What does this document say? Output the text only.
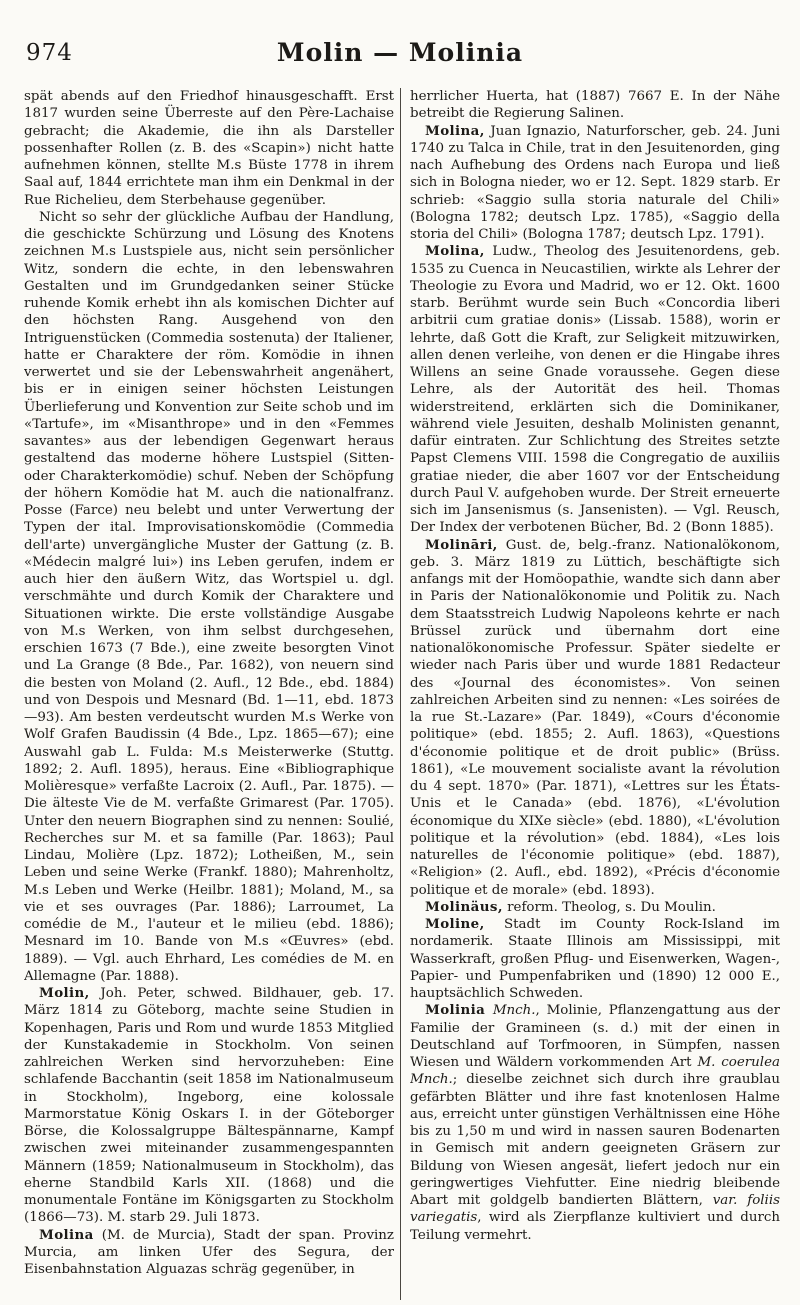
974	Molin — Molinia

spät abends auf den Friedhof hinausgeschafft. Erst 1817 wurden seine Überreste auf den Père-Lachaise gebracht; die Akademie, die ihn als Darsteller possenhafter Rollen (z. B. des «Scapin») nicht hatte aufnehmen können, stellte M.s Büste 1778 in ihrem Saal auf, 1844 errichtete man ihm ein Denkmal in der Rue Richelieu, dem Sterbehause gegenüber.

Nicht so sehr der glückliche Aufbau der Handlung, die geschickte Schürzung und Lösung des Knotens zeichnen M.s Lustspiele aus, nicht sein persönlicher Witz, sondern die echte, in den lebenswahren Gestalten und im Grundgedanken seiner Stücke ruhende Komik erhebt ihn als komischen Dichter auf den höchsten Rang. Ausgehend von den Intriguenstücken (Commedia sostenuta) der Italiener, hatte er Charaktere der röm. Komödie in ihnen verwertet und sie der Lebenswahrheit angenähert, bis er in einigen seiner höchsten Leistungen Überlieferung und Konvention zur Seite schob und im «Tartufe», im «Misanthrope» und in den «Femmes savantes» aus der lebendigen Gegenwart heraus gestaltend das moderne höhere Lustspiel (Sitten- oder Charakterkomödie) schuf. Neben der Schöpfung der höhern Komödie hat M. auch die nationalfranz. Posse (Farce) neu belebt und unter Verwertung der Typen der ital. Improvisationskomödie (Commedia dell'arte) unvergängliche Muster der Gattung (z. B. «Médecin malgré lui») ins Leben gerufen, indem er auch hier den äußern Witz, das Wortspiel u. dgl. verschmähte und durch Komik der Charaktere und Situationen wirkte. Die erste vollständige Ausgabe von M.s Werken, von ihm selbst durchgesehen, erschien 1673 (7 Bde.), eine zweite besorgten Vinot und La Grange (8 Bde., Par. 1682), von neuern sind die besten von Moland (2. Aufl., 12 Bde., ebd. 1884) und von Despois und Mesnard (Bd. 1—11, ebd. 1873—93). Am besten verdeutscht wurden M.s Werke von Wolf Grafen Baudissin (4 Bde., Lpz. 1865—67); eine Auswahl gab L. Fulda: M.s Meisterwerke (Stuttg. 1892; 2. Aufl. 1895), heraus. Eine «Bibliographique Molièresque» verfaßte Lacroix (2. Aufl., Par. 1875). — Die älteste Vie de M. verfaßte Grimarest (Par. 1705). Unter den neuern Biographen sind zu nennen: Soulié, Recherches sur M. et sa famille (Par. 1863); Paul Lindau, Molière (Lpz. 1872); Lotheißen, M., sein Leben und seine Werke (Frankf. 1880); Mahrenholtz, M.s Leben und Werke (Heilbr. 1881); Moland, M., sa vie et ses ouvrages (Par. 1886); Larroumet, La comédie de M., l'auteur et le milieu (ebd. 1886); Mesnard im 10. Bande von M.s «Œuvres» (ebd. 1889). — Vgl. auch Ehrhard, Les comédies de M. en Allemagne (Par. 1888).

Molin, Joh. Peter, schwed. Bildhauer, geb. 17. März 1814 zu Göteborg, machte seine Studien in Kopenhagen, Paris und Rom und wurde 1853 Mitglied der Kunstakademie in Stockholm. Von seinen zahlreichen Werken sind hervorzuheben: Eine schlafende Bacchantin (seit 1858 im Nationalmuseum in Stockholm), Ingeborg, eine kolossale Marmorstatue König Oskars I. in der Göteborger Börse, die Kolossalgruppe Bältespännarne, Kampf zwischen zwei miteinander zusammengespannten Männern (1859; Nationalmuseum in Stockholm), das eherne Standbild Karls XII. (1868) und die monumentale Fontäne im Königsgarten zu Stockholm (1866—73). M. starb 29. Juli 1873.

Molina (M. de Murcia), Stadt der span. Provinz Murcia, am linken Ufer des Segura, der Eisenbahnstation Alguazas schräg gegenüber, in

herrlicher Huerta, hat (1887) 7667 E. In der Nähe betreibt die Regierung Salinen.

Molina, Juan Ignazio, Naturforscher, geb. 24. Juni 1740 zu Talca in Chile, trat in den Jesuitenorden, ging nach Aufhebung des Ordens nach Europa und ließ sich in Bologna nieder, wo er 12. Sept. 1829 starb. Er schrieb: «Saggio sulla storia naturale del Chili» (Bologna 1782; deutsch Lpz. 1785), «Saggio della storia del Chili» (Bologna 1787; deutsch Lpz. 1791).

Molina, Ludw., Theolog des Jesuitenordens, geb. 1535 zu Cuenca in Neucastilien, wirkte als Lehrer der Theologie zu Evora und Madrid, wo er 12. Okt. 1600 starb. Berühmt wurde sein Buch «Concordia liberi arbitrii cum gratiae donis» (Lissab. 1588), worin er lehrte, daß Gott die Kraft, zur Seligkeit mitzuwirken, allen denen verleihe, von denen er die Hingabe ihres Willens an seine Gnade voraussehe. Gegen diese Lehre, als der Autorität des heil. Thomas widerstreitend, erklärten sich die Dominikaner, während viele Jesuiten, deshalb Molinisten genannt, dafür eintraten. Zur Schlichtung des Streites setzte Papst Clemens VIII. 1598 die Congregatio de auxiliis gratiae nieder, die aber 1607 vor der Entscheidung durch Paul V. aufgehoben wurde. Der Streit erneuerte sich im Jansenismus (s. Jansenisten). — Vgl. Reusch, Der Index der verbotenen Bücher, Bd. 2 (Bonn 1885).

Molināri, Gust. de, belg.-franz. Nationalökonom, geb. 3. März 1819 zu Lüttich, beschäftigte sich anfangs mit der Homöopathie, wandte sich dann aber in Paris der Nationalökonomie und Politik zu. Nach dem Staatsstreich Ludwig Napoleons kehrte er nach Brüssel zurück und übernahm dort eine nationalökonomische Professur. Später siedelte er wieder nach Paris über und wurde 1881 Redacteur des «Journal des économistes». Von seinen zahlreichen Arbeiten sind zu nennen: «Les soirées de la rue St.-Lazare» (Par. 1849), «Cours d'économie politique» (ebd. 1855; 2. Aufl. 1863), «Questions d'économie politique et de droit public» (Brüss. 1861), «Le mouvement socialiste avant la révolution du 4 sept. 1870» (Par. 1871), «Lettres sur les États-Unis et le Canada» (ebd. 1876), «L'évolution économique du XIXe siècle» (ebd. 1880), «L'évolution politique et la révolution» (ebd. 1884), «Les lois naturelles de l'économie politique» (ebd. 1887), «Religion» (2. Aufl., ebd. 1892), «Précis d'économie politique et de morale» (ebd. 1893).

Molinäus, reform. Theolog, s. Du Moulin.

Moline, Stadt im County Rock-Island im nordamerik. Staate Illinois am Mississippi, mit Wasserkraft, großen Pflug- und Eisenwerken, Wagen-, Papier- und Pumpenfabriken und (1890) 12 000 E., hauptsächlich Schweden.

Molinia Mnch., Molinie, Pflanzengattung aus der Familie der Gramineen (s. d.) mit der einen in Deutschland auf Torfmooren, in Sümpfen, nassen Wiesen und Wäldern vorkommenden Art M. coerulea Mnch.; dieselbe zeichnet sich durch ihre graublau gefärbten Blätter und ihre fast knotenlosen Halme aus, erreicht unter günstigen Verhältnissen eine Höhe bis zu 1,50 m und wird in nassen sauren Bodenarten in Gemisch mit andern geeigneten Gräsern zur Bildung von Wiesen angesät, liefert jedoch nur ein geringwertiges Viehfutter. Eine niedrig bleibende Abart mit goldgelb bandierten Blättern, var. foliis variegatis, wird als Zierpflanze kultiviert und durch Teilung vermehrt.
